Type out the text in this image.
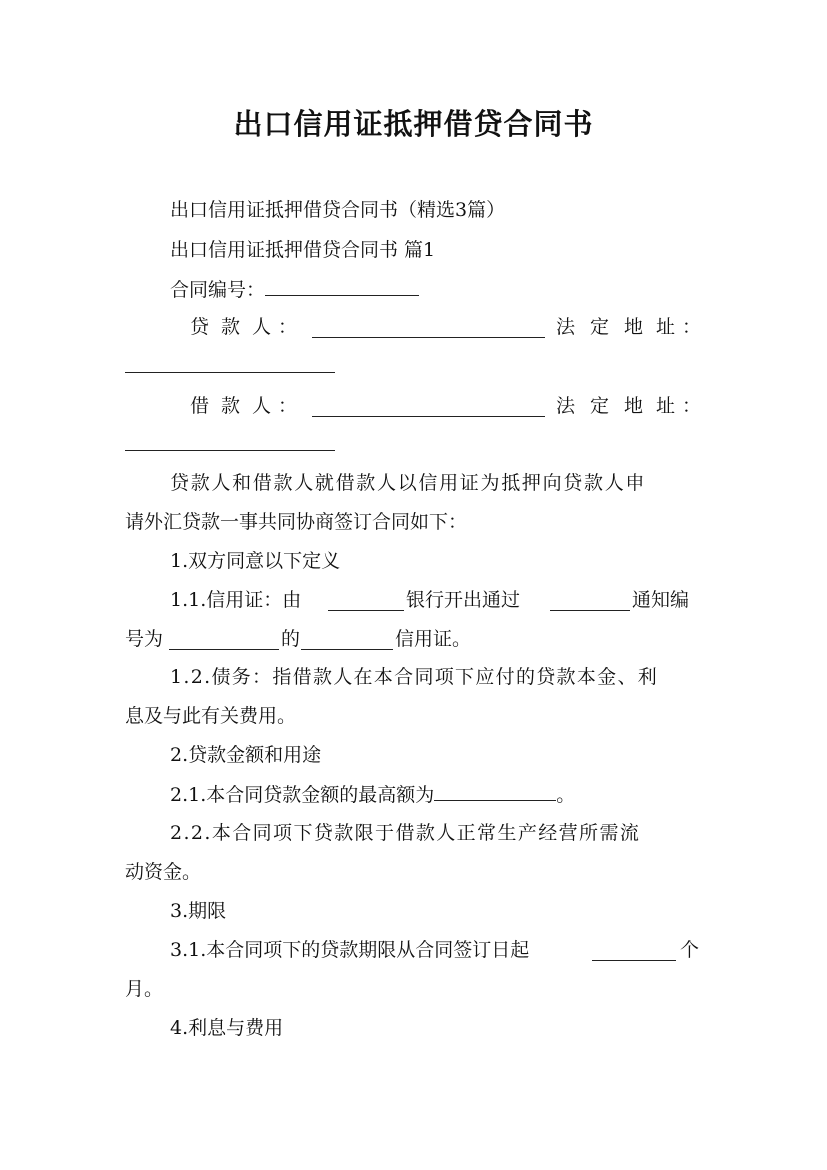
出口信用证抵押借贷合同书
出口信用证抵押借贷合同书（精选3篇）
出口信用证抵押借贷合同书 篇1
合同编号：
贷 款 人 ：	法 定 地 址 ：
借 款 人 ：	法 定 地 址 ：
贷款人和借款人就借款人以信用证为抵押向贷款人申
请外汇贷款一事共同协商签订合同如下：
1.双方同意以下定义
1.1.信用证：由	银行开出通过	通知编
号为	的	信用证。
1.2.债务：指借款人在本合同项下应付的贷款本金、利
息及与此有关费用。
2.贷款金额和用途
2.1.本合同贷款金额的最高额为	。
2.2.本合同项下贷款限于借款人正常生产经营所需流
动资金。
3.期限
3.1.本合同项下的贷款期限从合同签订日起	个
月。
4.利息与费用
